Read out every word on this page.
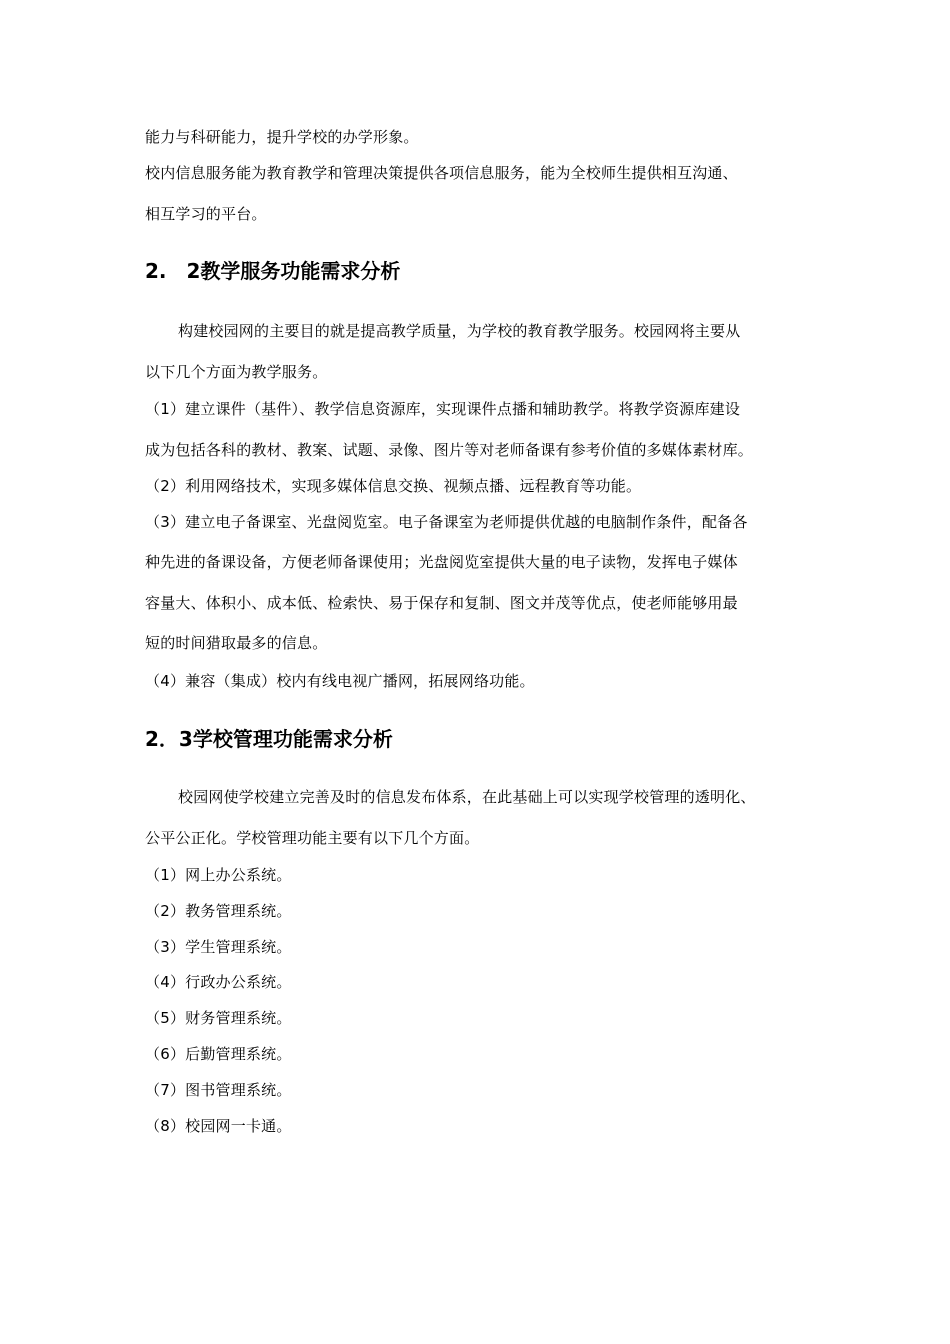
能力与科研能力，提升学校的办学形象。
校内信息服务能为教育教学和管理决策提供各项信息服务，能为全校师生提供相互沟通、
相互学习的平台。
2.　2教学服务功能需求分析
构建校园网的主要目的就是提高教学质量，为学校的教育教学服务。校园网将主要从
以下几个方面为教学服务。
（1）建立课件（基件）、教学信息资源库，实现课件点播和辅助教学。将教学资源库建设
成为包括各科的教材、教案、试题、录像、图片等对老师备课有参考价值的多媒体素材库。
（2）利用网络技术，实现多媒体信息交换、视频点播、远程教育等功能。
（3）建立电子备课室、光盘阅览室。电子备课室为老师提供优越的电脑制作条件，配备各
种先进的备课设备，方便老师备课使用；光盘阅览室提供大量的电子读物，发挥电子媒体
容量大、体积小、成本低、检索快、易于保存和复制、图文并茂等优点，使老师能够用最
短的时间猎取最多的信息。
（4）兼容（集成）校内有线电视广播网，拓展网络功能。
2．3学校管理功能需求分析
校园网使学校建立完善及时的信息发布体系，在此基础上可以实现学校管理的透明化、
公平公正化。学校管理功能主要有以下几个方面。
（1）网上办公系统。
（2）教务管理系统。
（3）学生管理系统。
（4）行政办公系统。
（5）财务管理系统。
（6）后勤管理系统。
（7）图书管理系统。
（8）校园网一卡通。
